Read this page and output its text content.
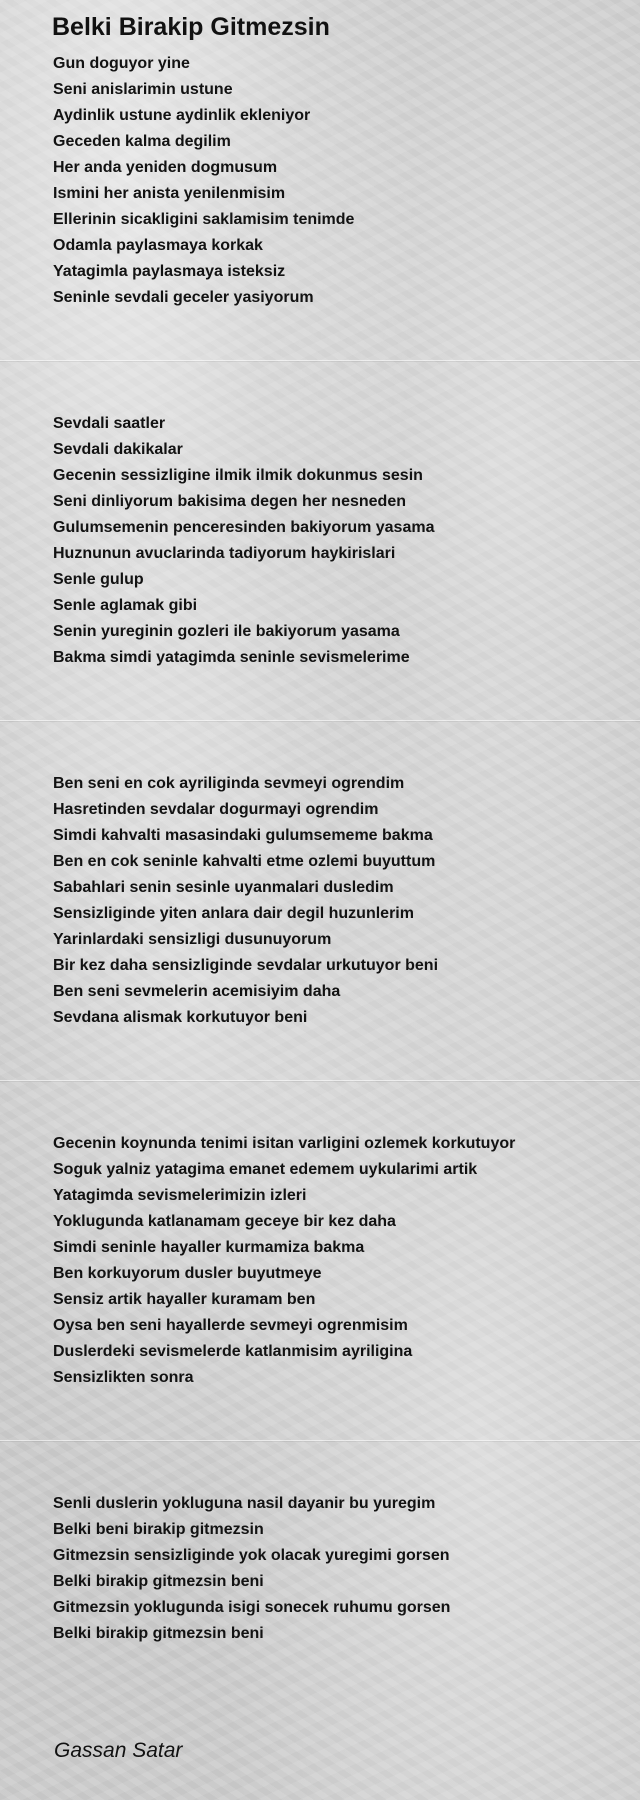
Belki Birakip Gitmezsin
Gun doguyor yine
Seni anislarimin ustune
Aydinlik ustune aydinlik ekleniyor
Geceden kalma degilim
Her anda yeniden dogmusum
Ismini her anista yenilenmisim
Ellerinin sicakligini saklamisim tenimde
Odamla paylasmaya korkak
Yatagimla paylasmaya isteksiz
Seninle sevdali geceler yasiyorum
Sevdali saatler
Sevdali dakikalar
Gecenin sessizligine ilmik ilmik dokunmus sesin
Seni dinliyorum bakisima degen her nesneden
Gulumsemenin penceresinden bakiyorum yasama
Huznunun avuclarinda tadiyorum haykirislari
Senle gulup
Senle aglamak gibi
Senin yureginin gozleri ile bakiyorum yasama
Bakma simdi yatagimda seninle sevismelerime
Ben seni en cok ayriliginda sevmeyi ogrendim
Hasretinden sevdalar dogurmayi ogrendim
Simdi kahvalti masasindaki gulumsememe bakma
Ben en cok seninle kahvalti etme ozlemi buyuttum
Sabahlari senin sesinle uyanmalari dusledim
Sensizliginde yiten anlara dair degil huzunlerim
Yarinlardaki sensizligi dusunuyorum
Bir kez daha sensizliginde sevdalar urkutuyor beni
Ben seni sevmelerin acemisiyim daha
Sevdana alismak korkutuyor beni
Gecenin koynunda tenimi isitan varligini ozlemek korkutuyor
Soguk yalniz yatagima emanet edemem uykularimi artik
Yatagimda sevismelerimizin izleri
Yoklugunda katlanamam geceye bir kez daha
Simdi seninle hayaller kurmamiza bakma
Ben korkuyorum dusler buyutmeye
Sensiz artik hayaller kuramam ben
Oysa ben seni hayallerde sevmeyi ogrenmisim
Duslerdeki sevismelerde katlanmisim ayriligina
Sensizlikten sonra
Senli duslerin yokluguna nasil dayanir bu yuregim
Belki beni birakip gitmezsin
Gitmezsin sensizliginde yok olacak yuregimi gorsen
Belki birakip gitmezsin beni
Gitmezsin yoklugunda isigi sonecek ruhumu gorsen
Belki birakip gitmezsin beni
Gassan Satar
